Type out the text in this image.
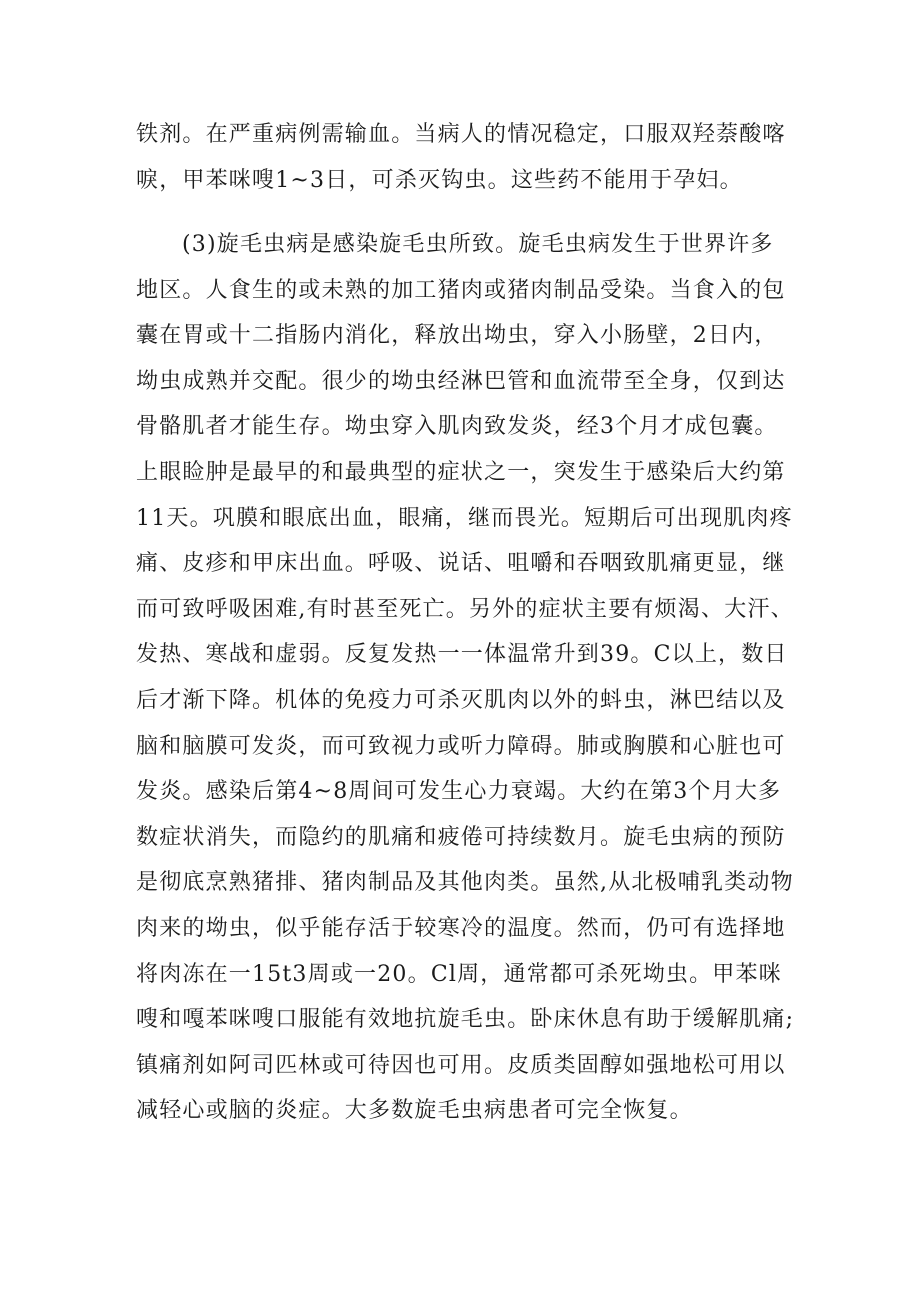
铁剂。在严重病例需输血。当病人的情况稳定，口服双羟萘酸喀
唳，甲苯咪嗖1~3日，可杀灭钩虫。这些药不能用于孕妇。
(3)旋毛虫病是感染旋毛虫所致。旋毛虫病发生于世界许多
地区。人食生的或未熟的加工猪肉或猪肉制品受染。当食入的包
囊在胃或十二指肠内消化，释放出坳虫，穿入小肠壁，2日内，
坳虫成熟并交配。很少的坳虫经淋巴管和血流带至全身，仅到达
骨骼肌者才能生存。坳虫穿入肌肉致发炎，经3个月才成包囊。
上眼睑肿是最早的和最典型的症状之一，突发生于感染后大约第
11天。巩膜和眼底出血，眼痛，继而畏光。短期后可出现肌肉疼
痛、皮疹和甲床出血。呼吸、说话、咀嚼和吞咽致肌痛更显，继
而可致呼吸困难,有时甚至死亡。另外的症状主要有烦渴、大汗、
发热、寒战和虚弱。反复发热一一体温常升到39。C以上，数日
后才渐下降。机体的免疫力可杀灭肌肉以外的蚪虫，淋巴结以及
脑和脑膜可发炎，而可致视力或听力障碍。肺或胸膜和心脏也可
发炎。感染后第4~8周间可发生心力衰竭。大约在第3个月大多
数症状消失，而隐约的肌痛和疲倦可持续数月。旋毛虫病的预防
是彻底烹熟猪排、猪肉制品及其他肉类。虽然,从北极哺乳类动物
肉来的坳虫，似乎能存活于较寒冷的温度。然而，仍可有选择地
将肉冻在一15t3周或一20。Cl周，通常都可杀死坳虫。甲苯咪
嗖和嘎苯咪嗖口服能有效地抗旋毛虫。卧床休息有助于缓解肌痛;
镇痛剂如阿司匹林或可待因也可用。皮质类固醇如强地松可用以
减轻心或脑的炎症。大多数旋毛虫病患者可完全恢复。
